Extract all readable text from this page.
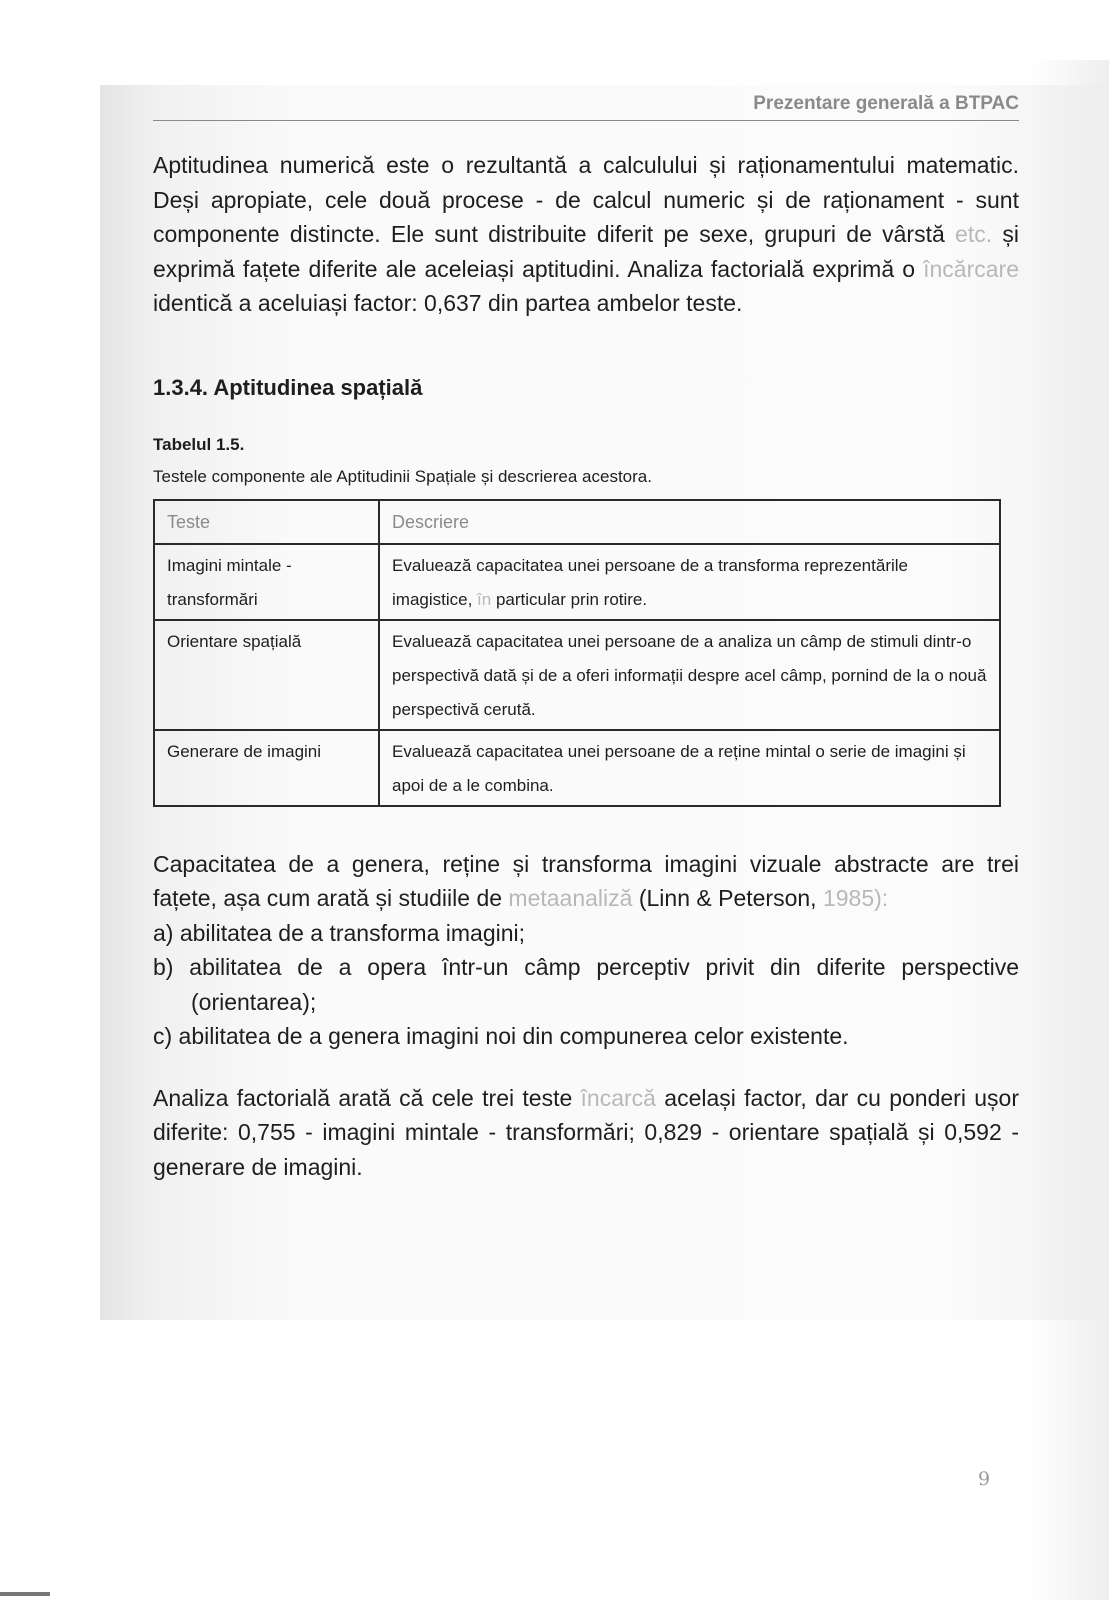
Prezentare generală a BTPAC

Aptitudinea numerică este o rezultantă a calculului și raționamentului matematic. Deși apropiate, cele două procese - de calcul numeric și de raționament - sunt componente distincte. Ele sunt distribuite diferit pe sexe, grupuri de vârstă etc. și exprimă fațete diferite ale aceleiași aptitudini. Analiza factorială exprimă o încărcare identică a aceluiași factor: 0,637 din partea ambelor teste.

1.3.4. Aptitudinea spațială
Tabelul 1.5.
Testele componente ale Aptitudinii Spațiale și descrierea acestora.
Teste	Descriere
Imagini mintale - transformări	Evaluează capacitatea unei persoane de a transforma reprezentările imagistice, în particular prin rotire.
Orientare spațială	Evaluează capacitatea unei persoane de a analiza un câmp de stimuli dintr-o perspectivă dată și de a oferi informații despre acel câmp, pornind de la o nouă perspectivă cerută.
Generare de imagini	Evaluează capacitatea unei persoane de a reține mintal o serie de imagini și apoi de a le combina.

Capacitatea de a genera, reține și transforma imagini vizuale abstracte are trei fațete, așa cum arată și studiile de metaanaliză (Linn & Peterson, 1985):

a) abilitatea de a transforma imagini;
b) abilitatea de a opera într-un câmp perceptiv privit din diferite perspective (orientarea);
c) abilitatea de a genera imagini noi din compunerea celor existente.

Analiza factorială arată că cele trei teste încarcă același factor, dar cu ponderi ușor diferite: 0,755 - imagini mintale - transformări; 0,829 - orientare spațială și 0,592 - generare de imagini.

9
